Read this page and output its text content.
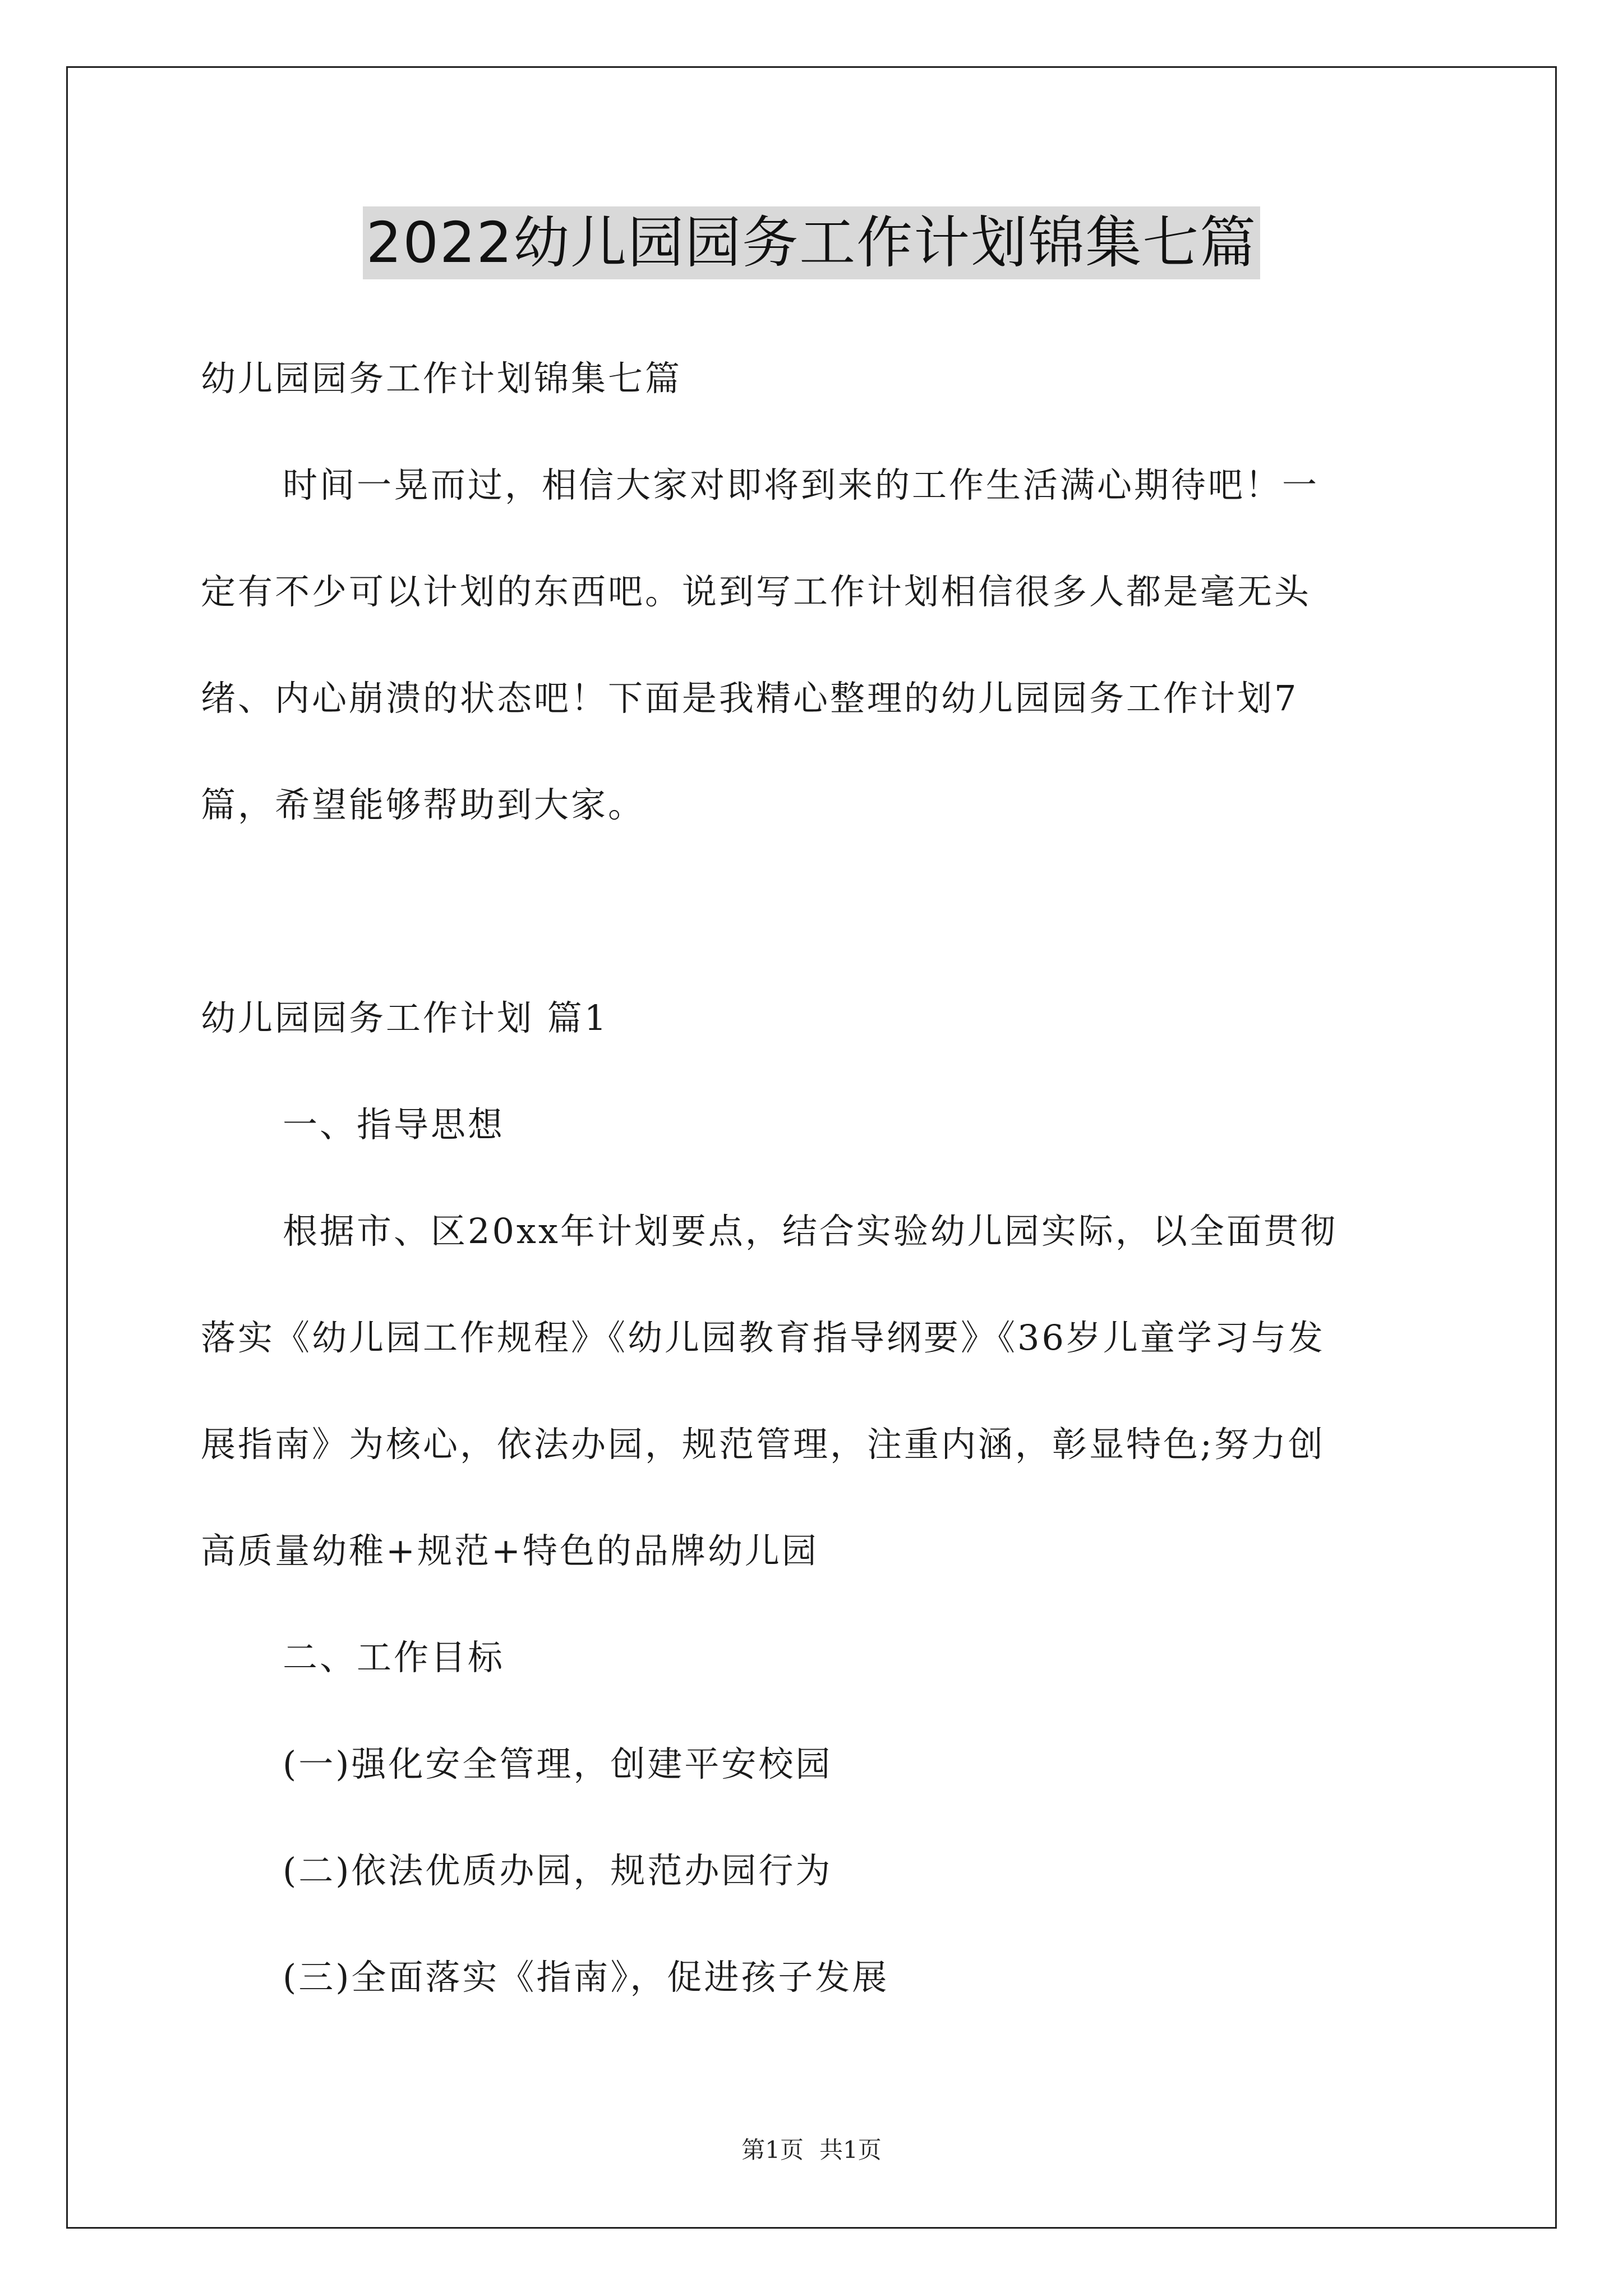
2022幼儿园园务工作计划锦集七篇
幼儿园园务工作计划锦集七篇
时间一晃而过，相信大家对即将到来的工作生活满心期待吧！一
定有不少可以计划的东西吧。说到写工作计划相信很多人都是毫无头
绪、内心崩溃的状态吧！下面是我精心整理的幼儿园园务工作计划7
篇，希望能够帮助到大家。
幼儿园园务工作计划 篇1
一、指导思想
根据市、区20xx年计划要点，结合实验幼儿园实际，以全面贯彻
落实《幼儿园工作规程》《幼儿园教育指导纲要》《36岁儿童学习与发
展指南》为核心，依法办园，规范管理，注重内涵，彰显特色;努力创
高质量幼稚+规范+特色的品牌幼儿园
二、工作目标
(一)强化安全管理，创建平安校园
(二)依法优质办园，规范办园行为
(三)全面落实《指南》，促进孩子发展
第1页 共1页
